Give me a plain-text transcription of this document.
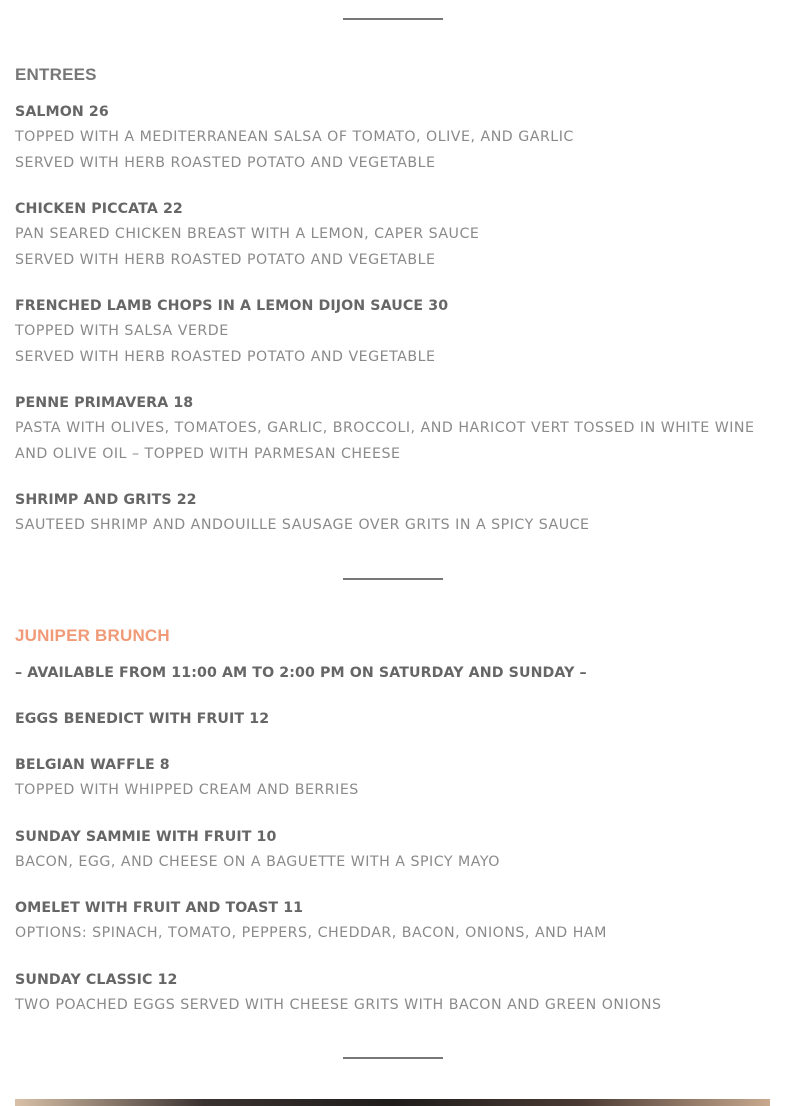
ENTREES
SALMON 26
TOPPED WITH A MEDITERRANEAN SALSA OF TOMATO, OLIVE, AND GARLIC
SERVED WITH HERB ROASTED POTATO AND VEGETABLE
CHICKEN PICCATA 22
PAN SEARED CHICKEN BREAST WITH A LEMON, CAPER SAUCE
SERVED WITH HERB ROASTED POTATO AND VEGETABLE
FRENCHED LAMB CHOPS IN A LEMON DIJON SAUCE 30
TOPPED WITH SALSA VERDE
SERVED WITH HERB ROASTED POTATO AND VEGETABLE
PENNE PRIMAVERA 18
PASTA WITH OLIVES, TOMATOES, GARLIC, BROCCOLI, AND HARICOT VERT TOSSED IN WHITE WINE AND OLIVE OIL – TOPPED WITH PARMESAN CHEESE
SHRIMP AND GRITS 22
SAUTEED SHRIMP AND ANDOUILLE SAUSAGE OVER GRITS IN A SPICY SAUCE
JUNIPER BRUNCH
– AVAILABLE FROM 11:00 AM TO 2:00 PM ON SATURDAY AND SUNDAY –
EGGS BENEDICT WITH FRUIT 12
BELGIAN WAFFLE 8
TOPPED WITH WHIPPED CREAM AND BERRIES
SUNDAY SAMMIE WITH FRUIT 10
BACON, EGG, AND CHEESE ON A BAGUETTE WITH A SPICY MAYO
OMELET WITH FRUIT AND TOAST 11
OPTIONS: SPINACH, TOMATO, PEPPERS, CHEDDAR, BACON, ONIONS, AND HAM
SUNDAY CLASSIC 12
TWO POACHED EGGS SERVED WITH CHEESE GRITS WITH BACON AND GREEN ONIONS
